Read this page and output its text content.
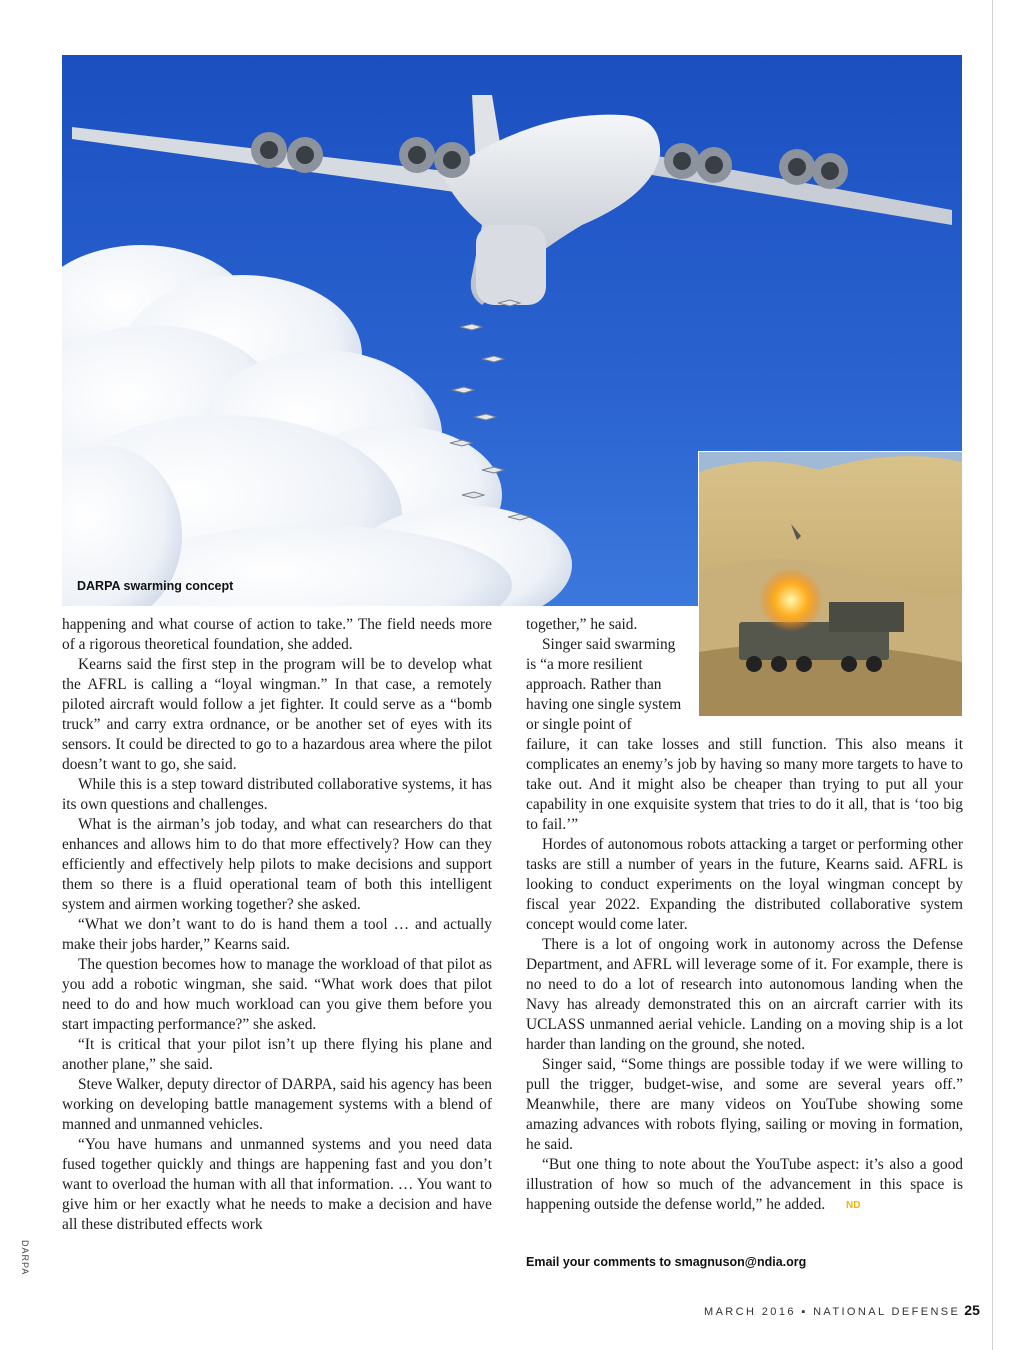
DARPA swarming concept
DARPA

happening and what course of action to take.” The field needs more of a rigorous theoretical foundation, she added.

Kearns said the first step in the program will be to develop what the AFRL is calling a “loyal wingman.” In that case, a remotely piloted aircraft would follow a jet fighter. It could serve as a “bomb truck” and carry extra ordnance, or be another set of eyes with its sensors. It could be directed to go to a hazardous area where the pilot doesn’t want to go, she said.

While this is a step toward distributed collaborative systems, it has its own questions and challenges.

What is the airman’s job today, and what can researchers do that enhances and allows him to do that more effectively? How can they efficiently and effectively help pilots to make decisions and support them so there is a fluid operational team of both this intelligent system and airmen working together? she asked.

“What we don’t want to do is hand them a tool … and actually make their jobs harder,” Kearns said.

The question becomes how to manage the workload of that pilot as you add a robotic wingman, she said. “What work does that pilot need to do and how much workload can you give them before you start impacting performance?” she asked.

“It is critical that your pilot isn’t up there flying his plane and another plane,” she said.

Steve Walker, deputy director of DARPA, said his agency has been working on developing battle management systems with a blend of manned and unmanned vehicles.

“You have humans and unmanned systems and you need data fused together quickly and things are happening fast and you don’t want to overload the human with all that information. … You want to give him or her exactly what he needs to make a decision and have all these distributed effects work

together,” he said.

Singer said swarming is “a more resilient approach. Rather than having one single system or single point of

failure, it can take losses and still function. This also means it complicates an enemy’s job by having so many more targets to have to take out. And it might also be cheaper than trying to put all your capability in one exquisite system that tries to do it all, that is ‘too big to fail.’”

Hordes of autonomous robots attacking a target or performing other tasks are still a number of years in the future, Kearns said. AFRL is looking to conduct experiments on the loyal wingman concept by fiscal year 2022. Expanding the distributed collaborative system concept would come later.

There is a lot of ongoing work in autonomy across the Defense Department, and AFRL will leverage some of it. For example, there is no need to do a lot of research into autonomous landing when the Navy has already demonstrated this on an aircraft carrier with its UCLASS unmanned aerial vehicle. Landing on a moving ship is a lot harder than landing on the ground, she noted.

Singer said, “Some things are possible today if we were willing to pull the trigger, budget-wise, and some are several years off.” Meanwhile, there are many videos on YouTube showing some amazing advances with robots flying, sailing or moving in formation, he said.

“But one thing to note about the YouTube aspect: it’s also a good illustration of how so much of the advancement in this space is happening outside the defense world,” he added. ND

Email your comments to smagnuson@ndia.org
MARCH 2016 ▪ NATIONAL DEFENSE 25
